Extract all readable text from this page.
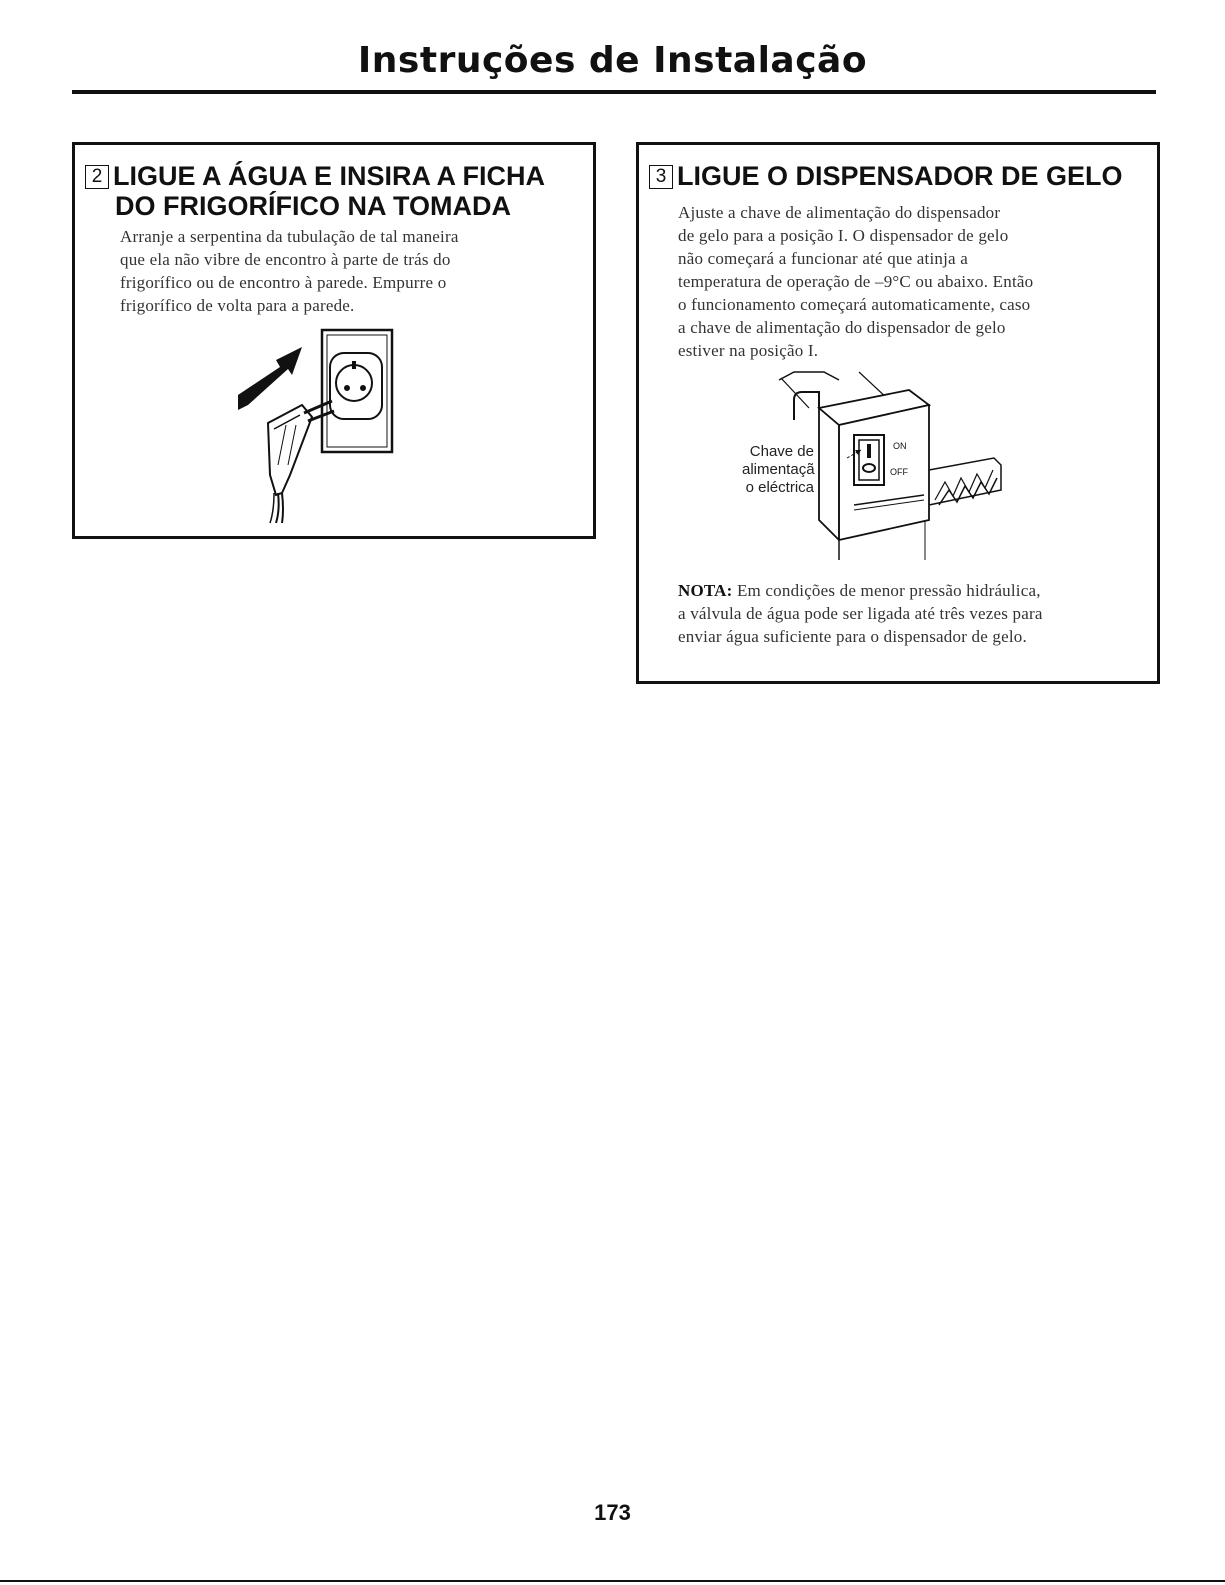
Instruções de Instalação
2 LIGUE A ÁGUA E INSIRA A FICHA
DO FRIGORÍFICO NA TOMADA
Arranje a serpentina da tubulação de tal maneira
que ela não vibre de encontro à parte de trás do
frigorífico ou de encontro à parede. Empurre o
frigorífico de volta para a parede.
3 LIGUE O DISPENSADOR DE GELO
Ajuste a chave de alimentação do dispensador
de gelo para a posição I. O dispensador de gelo
não começará a funcionar até que atinja a
temperatura de operação de –9°C ou abaixo. Então
o funcionamento começará automaticamente, caso
a chave de alimentação do dispensador de gelo
estiver na posição I.
Chave de
alimentaçã
o eléctrica
ON
OFF
NOTA: Em condições de menor pressão hidráulica,
a válvula de água pode ser ligada até três vezes para
enviar água suficiente para o dispensador de gelo.
173
